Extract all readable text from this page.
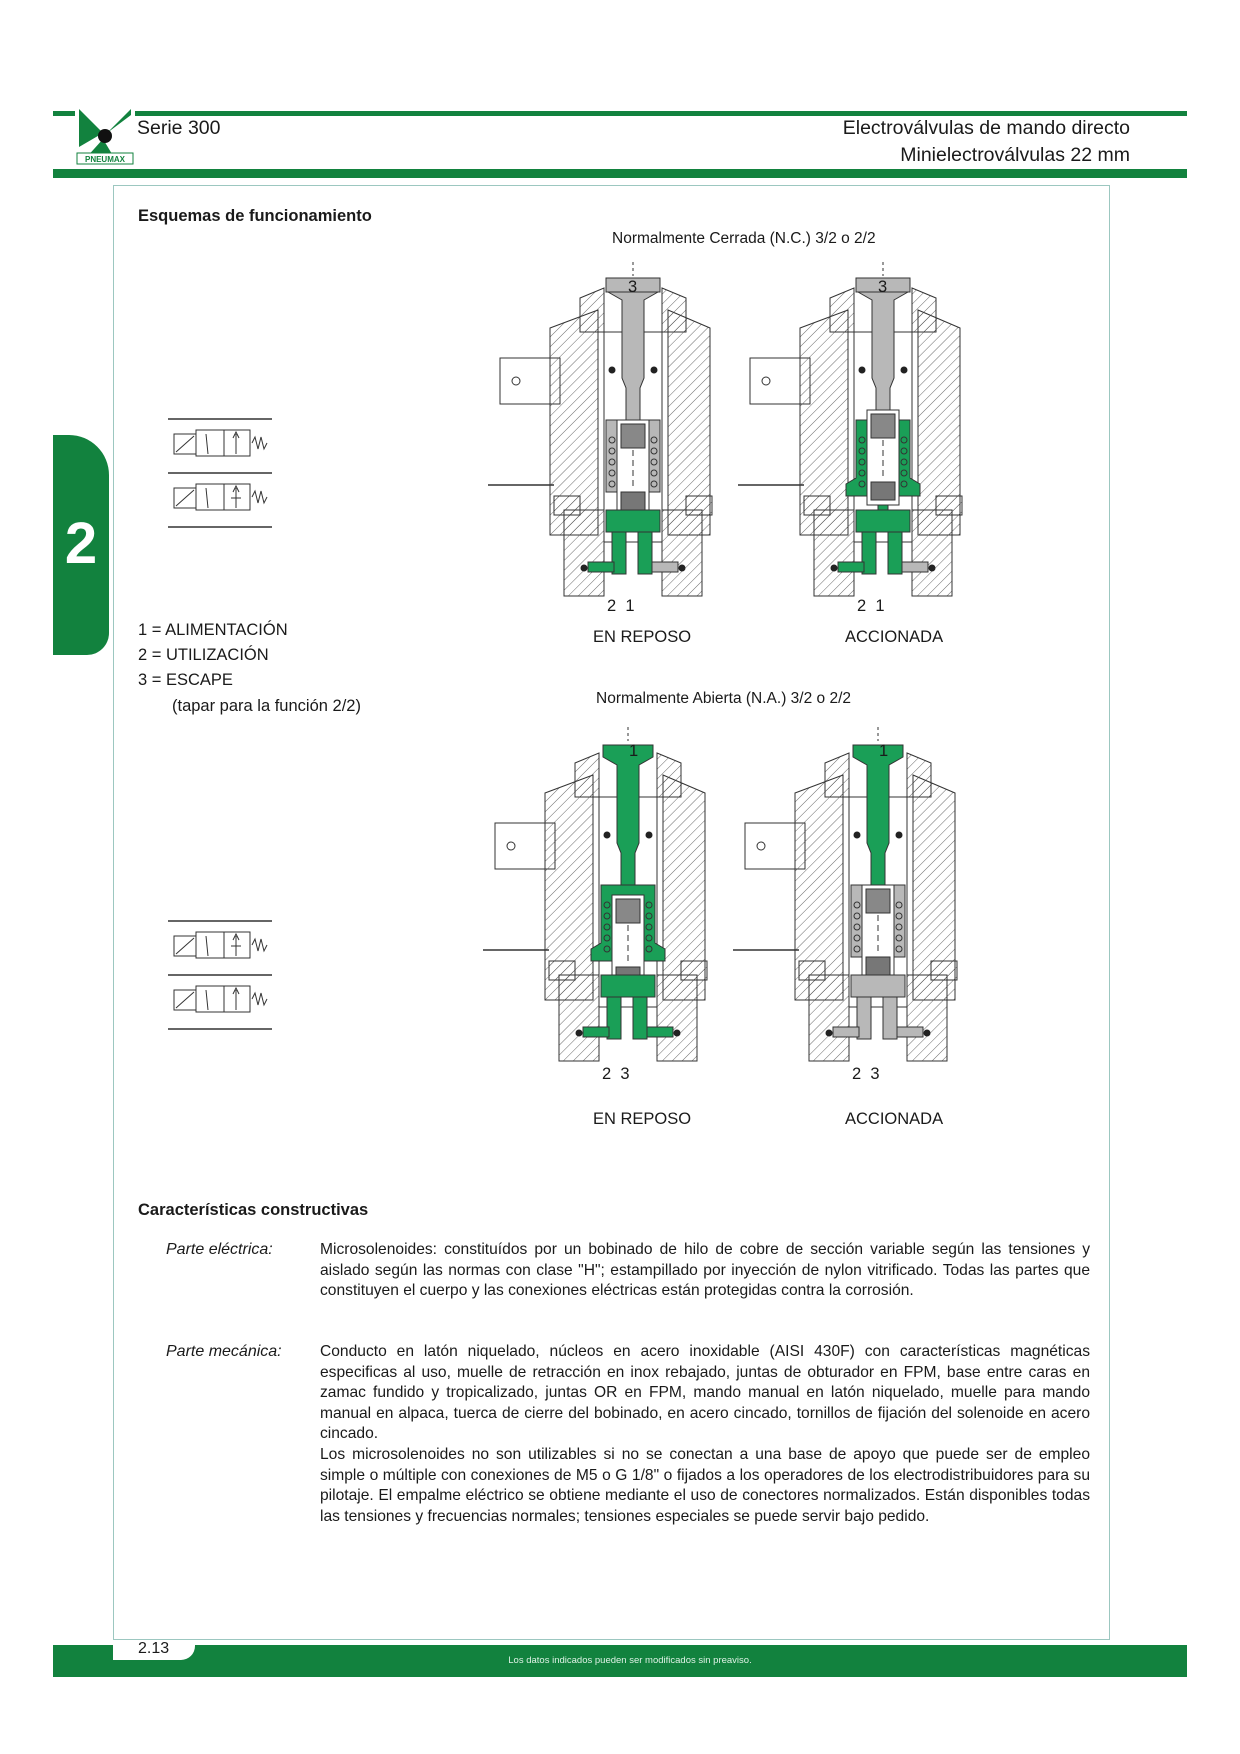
PNEUMAX
Serie 300	Electroválvulas de mando directo
Minielectroválvulas 22 mm
2
Esquemas de funcionamiento
Normalmente Cerrada (N.C.) 3/2 o 2/2
Normalmente Abierta (N.A.) 3/2 o 2/2
3	3
2  1	2  1
1	1
2  3	2  3
EN REPOSO	ACCIONADA
EN REPOSO	ACCIONADA
1 = ALIMENTACIÓN
2 = UTILIZACIÓN
3 = ESCAPE
(tapar para la función 2/2)
Características constructivas
Parte eléctrica:	Microsolenoides: constituídos por un bobinado de hilo de cobre de sección variable según las tensiones y aislado según las normas con clase "H"; estampillado por inyección de nylon vitrificado. Todas las partes que constituyen el cuerpo y las conexiones eléctricas están protegidas contra la corrosión.

Parte mecánica: Conducto en latón niquelado, núcleos en acero inoxidable (AISI 430F) con características magnéticas especificas al uso, muelle de retracción en inox rebajado, juntas de obturador en FPM, base entre caras en zamac fundido y tropicalizado, juntas OR en FPM, mando manual en latón niquelado, muelle para mando manual en alpaca, tuerca de cierre del bobinado, en acero cincado, tornillos de fijación del solenoide en acero cincado.

Los microsolenoides no son utilizables si no se conectan a una base de apoyo que puede ser de empleo simple o múltiple con conexiones de M5 o G 1/8" o fijados a los operadores de los electrodistribuidores para su pilotaje. El empalme eléctrico se obtiene mediante el uso de conectores normalizados. Están disponibles todas las tensiones y frecuencias normales; tensiones especiales se puede servir bajo pedido.

2.13
Los datos indicados pueden ser modificados sin preaviso.
